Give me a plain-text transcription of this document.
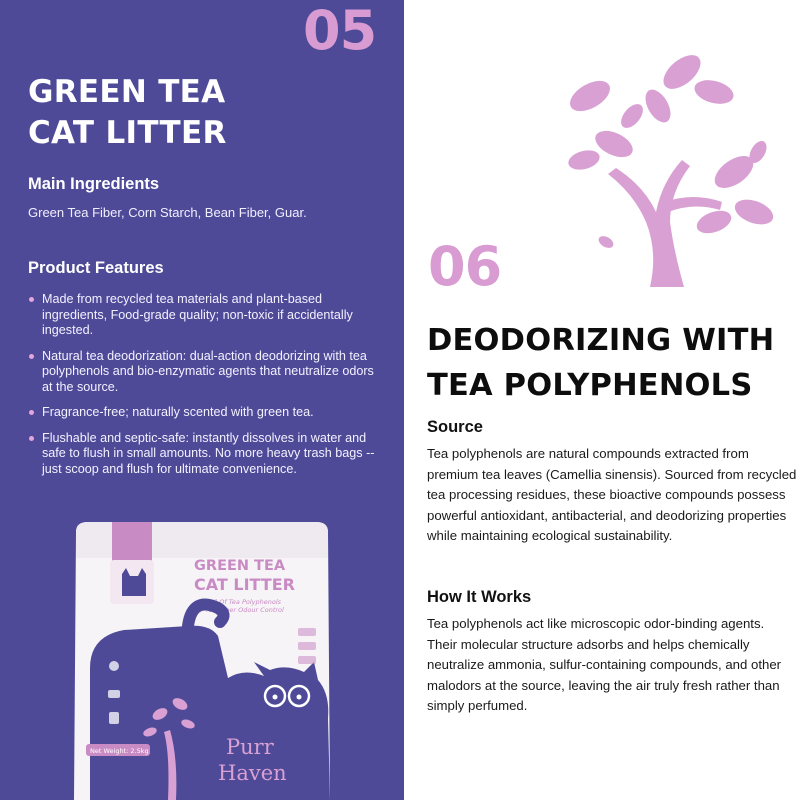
05
GREEN TEA
CAT LITTER
Main Ingredients
Green Tea Fiber, Corn Starch, Bean Fiber, Guar.
Product Features
Made from recycled tea materials and plant-based ingredients, Food-grade quality; non-toxic if accidentally ingested.
Natural tea deodorization: dual-action deodorizing with tea polyphenols and bio-enzymatic agents that neutralize odors at the source.
Fragrance-free; naturally scented with green tea.
Flushable and septic-safe: instantly dissolves in water and safe to flush in small amounts. No more heavy trash bags -- just scoop and flush for ultimate convenience.
GREEN TEA
CAT LITTER
Full Of Tea Polyphenols
for Super Odour Control
Purr
Haven
Net Weight: 2.5kg
06
DEODORIZING WITH
TEA POLYPHENOLS
Source
Tea polyphenols are natural compounds extracted from premium tea leaves (Camellia sinensis). Sourced from recycled tea processing residues, these bioactive compounds possess powerful antioxidant, antibacterial, and deodorizing properties while maintaining ecological sustainability.
How It Works
Tea polyphenols act like microscopic odor-binding agents. Their molecular structure adsorbs and helps chemically neutralize ammonia, sulfur-containing compounds, and other malodors at the source, leaving the air truly fresh rather than simply perfumed.
